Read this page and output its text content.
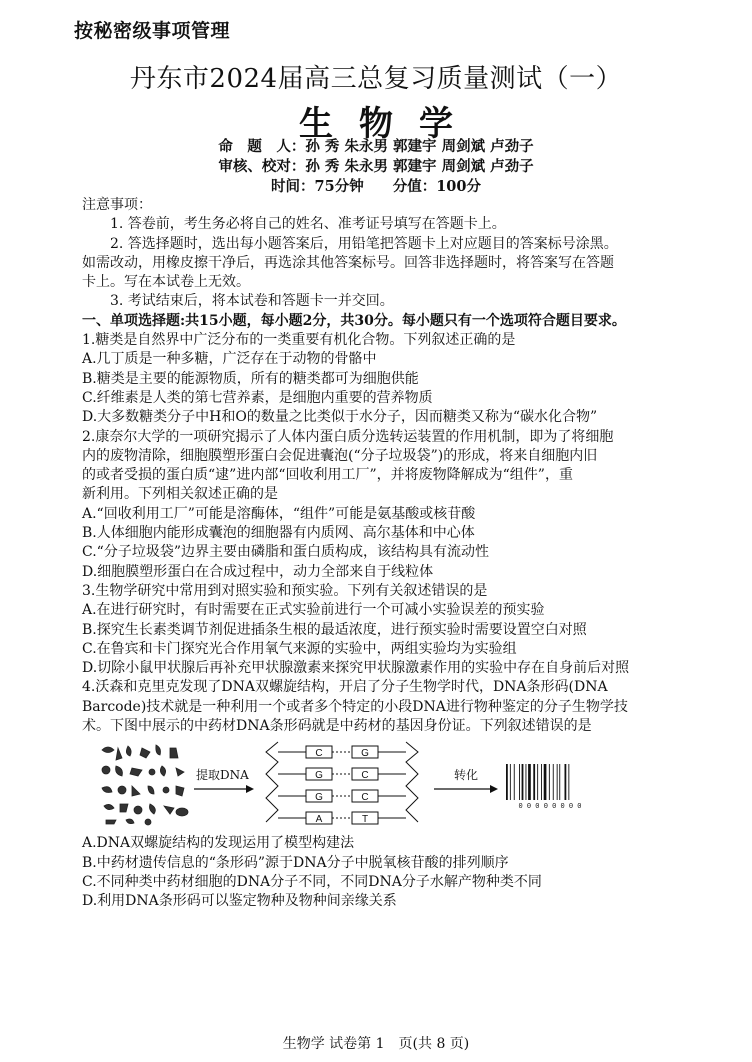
按秘密级事项管理
丹东市2024届高三总复习质量测试（一）
生物学
命　题　人：孙 秀 朱永男 郭建宇 周剑斌 卢劲子
审核、校对：孙 秀 朱永男 郭建宇 周剑斌 卢劲子
时间：75分钟　　分值：100分

注意事项：

1. 答卷前，考生务必将自己的姓名、准考证号填写在答题卡上。

2. 答选择题时，选出每小题答案后，用铅笔把答题卡上对应题目的答案标号涂黑。

如需改动，用橡皮擦干净后，再选涂其他答案标号。回答非选择题时，将答案写在答题

卡上。写在本试卷上无效。

3. 考试结束后，将本试卷和答题卡一并交回。

一、单项选择题:共15小题，每小题2分，共30分。每小题只有一个选项符合题目要求。

1.糖类是自然界中广泛分布的一类重要有机化合物。下列叙述正确的是

A.几丁质是一种多糖，广泛存在于动物的骨骼中

B.糖类是主要的能源物质，所有的糖类都可为细胞供能

C.纤维素是人类的第七营养素，是细胞内重要的营养物质

D.大多数糖类分子中H和O的数量之比类似于水分子，因而糖类又称为“碳水化合物”

2.康奈尔大学的一项研究揭示了人体内蛋白质分选转运装置的作用机制，即为了将细胞

内的废物清除，细胞膜塑形蛋白会促进囊泡(“分子垃圾袋”)的形成，将来自细胞内旧

的或者受损的蛋白质“逮”进内部“回收利用工厂”，并将废物降解成为“组件”，重

新利用。下列相关叙述正确的是

A.“回收利用工厂”可能是溶酶体，“组件”可能是氨基酸或核苷酸

B.人体细胞内能形成囊泡的细胞器有内质网、高尔基体和中心体

C.“分子垃圾袋”边界主要由磷脂和蛋白质构成，该结构具有流动性

D.细胞膜塑形蛋白在合成过程中，动力全部来自于线粒体

3.生物学研究中常用到对照实验和预实验。下列有关叙述错误的是

A.在进行研究时，有时需要在正式实验前进行一个可减小实验误差的预实验

B.探究生长素类调节剂促进插条生根的最适浓度，进行预实验时需要设置空白对照

C.在鲁宾和卡门探究光合作用氧气来源的实验中，两组实验均为实验组

D.切除小鼠甲状腺后再补充甲状腺激素来探究甲状腺激素作用的实验中存在自身前后对照

4.沃森和克里克发现了DNA双螺旋结构，开启了分子生物学时代，DNA条形码(DNA

Barcode)技术就是一种利用一个或者多个特定的小段DNA进行物种鉴定的分子生物学技

术。下图中展示的中药材DNA条形码就是中药材的基因身份证。下列叙述错误的是

提取DNA
C	G
G	C
G	C
A	T
转化
0 0 0 0 0 0 0 0

A.DNA双螺旋结构的发现运用了模型构建法

B.中药材遗传信息的“条形码”源于DNA分子中脱氧核苷酸的排列顺序

C.不同种类中药材细胞的DNA分子不同，不同DNA分子水解产物种类不同

D.利用DNA条形码可以鉴定物种及物种间亲缘关系

生物学 试卷第 1　页(共 8 页)
